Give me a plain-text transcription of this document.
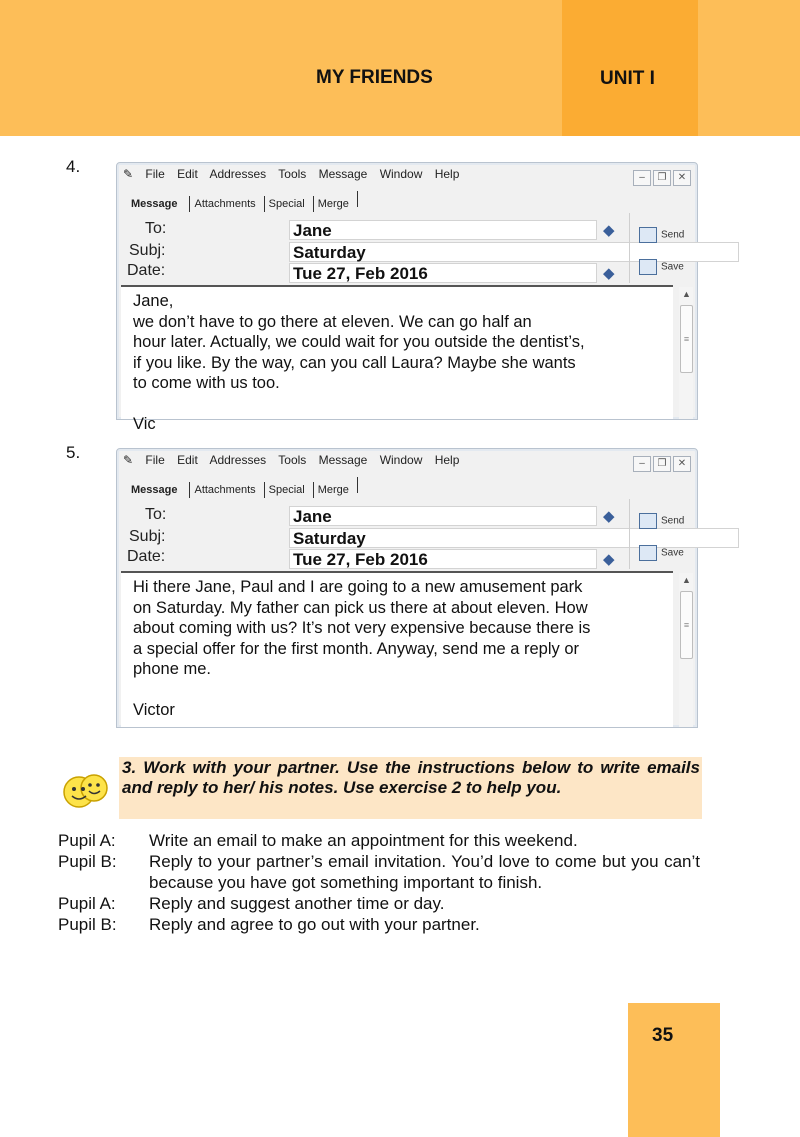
MY FRIENDS	UNIT I
4.	✎ File Edit Addresses Tools Message Window Help	– ❐ ✕
Message Attachments Special Merge
To:	Jane	◆
Subj:	Saturday
Date:	Tue 27, Feb 2016	◆
Send
Save

Jane,
we don’t have to go there at eleven. We can go half an
hour later. Actually, we could wait for you outside the dentist’s,
if you like. By the way, can you call Laura? Maybe she wants
to come with us too.

Vic

▲
≡
5.	✎ File Edit Addresses Tools Message Window Help	– ❐ ✕
Message Attachments Special Merge
To:	Jane	◆
Subj:	Saturday
Date:	Tue 27, Feb 2016	◆
Send
Save

Hi there Jane, Paul and I are going to a new amusement park
on Saturday. My father can pick us there at about eleven. How
about coming with us? It’s not very expensive because there is
a special offer for the first month. Anyway, send me a reply or
phone me.

Victor

▲
≡
3. Work with your partner. Use the instructions below to write emails and reply to her/ his notes. Use exercise 2 to help you.
Pupil A:	Write an email to make an appointment for this weekend.
Pupil B:	Reply to your partner’s email invitation. You’d love to come but you can’t because you have got something important to finish.
Pupil A:	Reply and suggest another time or day.
Pupil B:	Reply and agree to go out with your partner.
35
